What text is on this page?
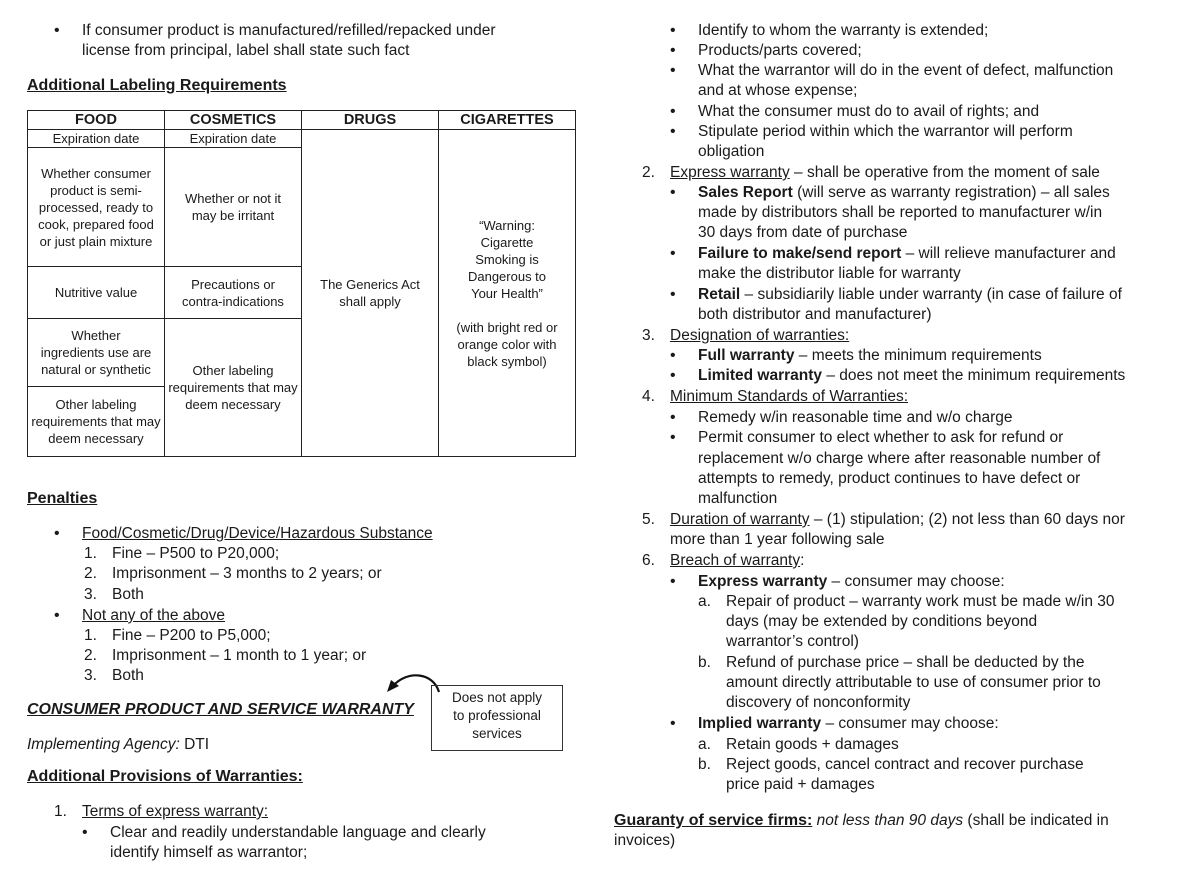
• If consumer product is manufactured/refilled/repacked under
license from principal, label shall state such fact
Additional Labeling Requirements
FOOD	COSMETICS	DRUGS	CIGARETTES
Expiration date	Expiration date	The Generics Act shall apply	“Warning: Cigarette Smoking is Dangerous to Your Health”
(with bright red or orange color with black symbol)

Whether consumer product is semi-processed, ready to cook, prepared food or just plain mixture	Whether or not it may be irritant		
Nutritive value	Precautions or contra-indications		
Whether ingredients use are natural or synthetic	Other labeling requirements that may deem necessary		
Other labeling requirements that may deem necessary			
Penalties
• Food/Cosmetic/Drug/Device/Hazardous Substance
1. Fine – P500 to P20,000;
2. Imprisonment – 3 months to 2 years; or
3. Both
• Not any of the above
1. Fine – P200 to P5,000;
2. Imprisonment – 1 month to 1 year; or
3. Both
CONSUMER PRODUCT AND SERVICE WARRANTY
Does not apply
to professional
services
Implementing Agency: DTI
Additional Provisions of Warranties:
1. Terms of express warranty:
• Clear and readily understandable language and clearly
identify himself as warrantor;
• Identify to whom the warranty is extended;
• Products/parts covered;
• What the warrantor will do in the event of defect, malfunction
and at whose expense;
• What the consumer must do to avail of rights; and
• Stipulate period within which the warrantor will perform
obligation
2. Express warranty – shall be operative from the moment of sale
• Sales Report (will serve as warranty registration) – all sales
made by distributors shall be reported to manufacturer w/in
30 days from date of purchase
• Failure to make/send report – will relieve manufacturer and
make the distributor liable for warranty
• Retail – subsidiarily liable under warranty (in case of failure of
both distributor and manufacturer)
3. Designation of warranties:
• Full warranty – meets the minimum requirements
• Limited warranty – does not meet the minimum requirements
4. Minimum Standards of Warranties:
• Remedy w/in reasonable time and w/o charge
• Permit consumer to elect whether to ask for refund or
replacement w/o charge where after reasonable number of
attempts to remedy, product continues to have defect or
malfunction
5. Duration of warranty – (1) stipulation; (2) not less than 60 days nor
more than 1 year following sale
6. Breach of warranty:
• Express warranty – consumer may choose:
a. Repair of product – warranty work must be made w/in 30
days (may be extended by conditions beyond
warrantor’s control)
b. Refund of purchase price – shall be deducted by the
amount directly attributable to use of consumer prior to
discovery of nonconformity
• Implied warranty – consumer may choose:
a. Retain goods + damages
b. Reject goods, cancel contract and recover purchase
price paid + damages
Guaranty of service firms: not less than 90 days (shall be indicated in
invoices)
